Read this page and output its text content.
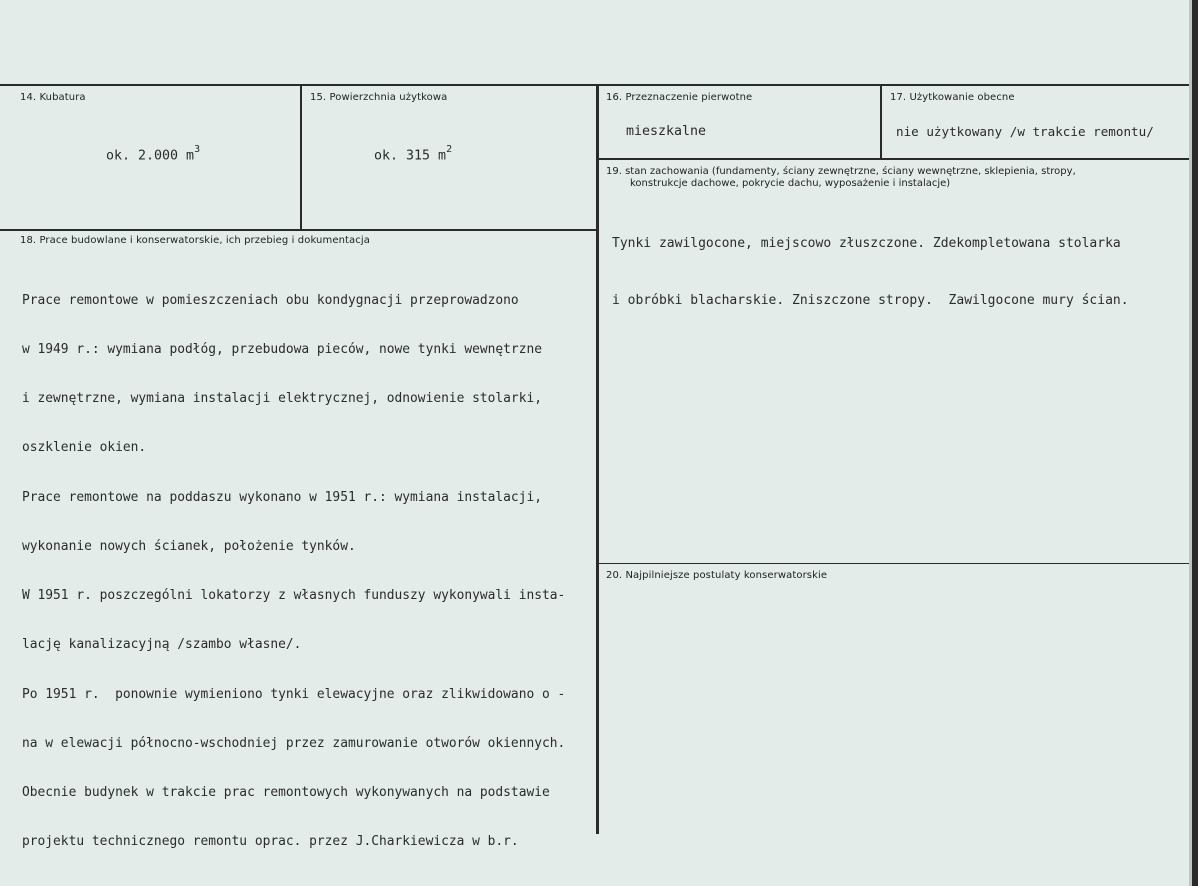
14. Kubatura
ok. 2.000 $m^3$
15. Powierzchnia użytkowa
ok. 315 $m^2$
16. Przeznaczenie pierwotne
mieszkalne
17. Użytkowanie obecne
nie użytkowany /w trakcie remontu/
19. stan zachowania (fundamenty, ściany zewnętrzne, ściany wewnętrzne, sklepienia, stropy,
konstrukcje dachowe, pokrycie dachu, wyposażenie i instalacje)

Tynki zawilgocone, miejscowo złuszczone. Zdekompletowana stolarka

i obróbki blacharskie. Zniszczone stropy.  Zawilgocone mury ścian.

18. Prace budowlane i konserwatorskie, ich przebieg i dokumentacja

Prace remontowe w pomieszczeniach obu kondygnacji przeprowadzono

w 1949 r.: wymiana podłóg, przebudowa pieców, nowe tynki wewnętrzne

i zewnętrzne, wymiana instalacji elektrycznej, odnowienie stolarki,

oszklenie okien.

Prace remontowe na poddaszu wykonano w 1951 r.: wymiana instalacji,

wykonanie nowych ścianek, położenie tynków.

W 1951 r. poszczególni lokatorzy z własnych funduszy wykonywali insta-

lację kanalizacyjną /szambo własne/.

Po 1951 r.  ponownie wymieniono tynki elewacyjne oraz zlikwidowano o -

na w elewacji północno-wschodniej przez zamurowanie otworów okiennych.

Obecnie budynek w trakcie prac remontowych wykonywanych na podstawie

projektu technicznego remontu oprac. przez J.Charkiewicza w b.r.

20. Najpilniejsze postulaty konserwatorskie
